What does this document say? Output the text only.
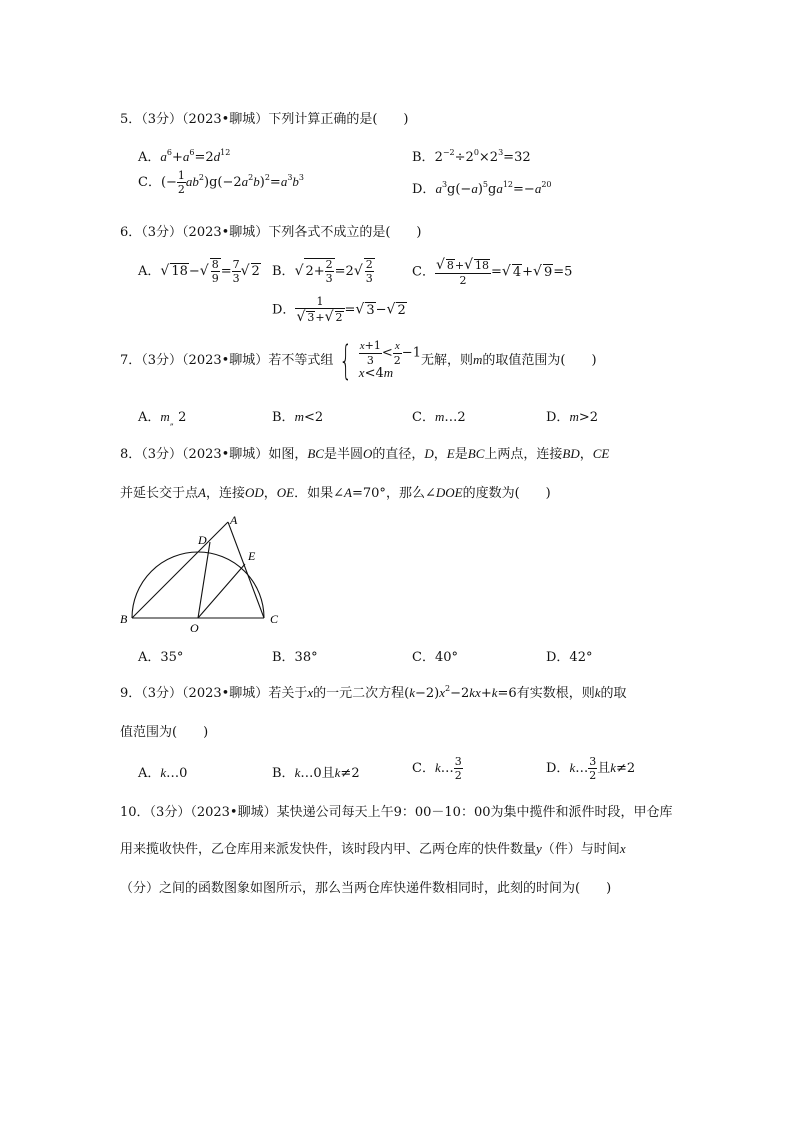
5．（3分）（2023•聊城）下列计算正确的是(　　)
A．$a^6+a^6=2d^{12}$	B．$2^{-2}\div 2^0\times 2^3=32$
C．(− $\frac{1}{2} ab^2)g(-2a^2b)^2=a^3b^3$
D．$a^3g(-a)^5ga^{12}=-a^{20}$
6．（3分）（2023•聊城）下列各式不成立的是(　　)
A．√ $18-√ \frac{8}{9} = \frac{7}{3}$ √ 2 B．√ $2+ \frac{2}{3} =2√ \frac{2}{3}$	C． $\frac{√ 8+√ 18}{2}$ =√ 4+√ 9=5
D． $\frac{1}{√ 3+√ 2}$ =√ 3−√ 2
7．（3分）（2023•聊城）若不等式组 { $\frac{x+1}{3} < \frac{x}{2} -1$
x<4m
无解，则m的取值范围为(　　)
A．$m_„$ 2	B．m<2	C．m…2	D．m>2
8．（3分）（2023•聊城）如图，BC是半圆O的直径，D，E是BC上两点，连接BD，CE
并延长交于点A，连接OD，OE．如果∠A=70°，那么∠DOE的度数为(　　)
A
D
E
B
O
C
A．35°	B．38°	C．40°	D．42°
9．（3分）（2023•聊城）若关于x的一元二次方程$(k-2)x^2-2kx+k=6$有实数根，则k的取
值范围为(　　)
A．k…0	B．k…0且k≠2	C．k… $\frac{3}{2}$	D．k… $\frac{3}{2}$ 且k≠2
10．（3分）（2023•聊城）某快递公司每天上午9：00－10：00为集中揽件和派件时段，甲仓库
用来揽收快件，乙仓库用来派发快件，该时段内甲、乙两仓库的快件数量y（件）与时间x
（分）之间的函数图象如图所示，那么当两仓库快递件数相同时，此刻的时间为(　　)
